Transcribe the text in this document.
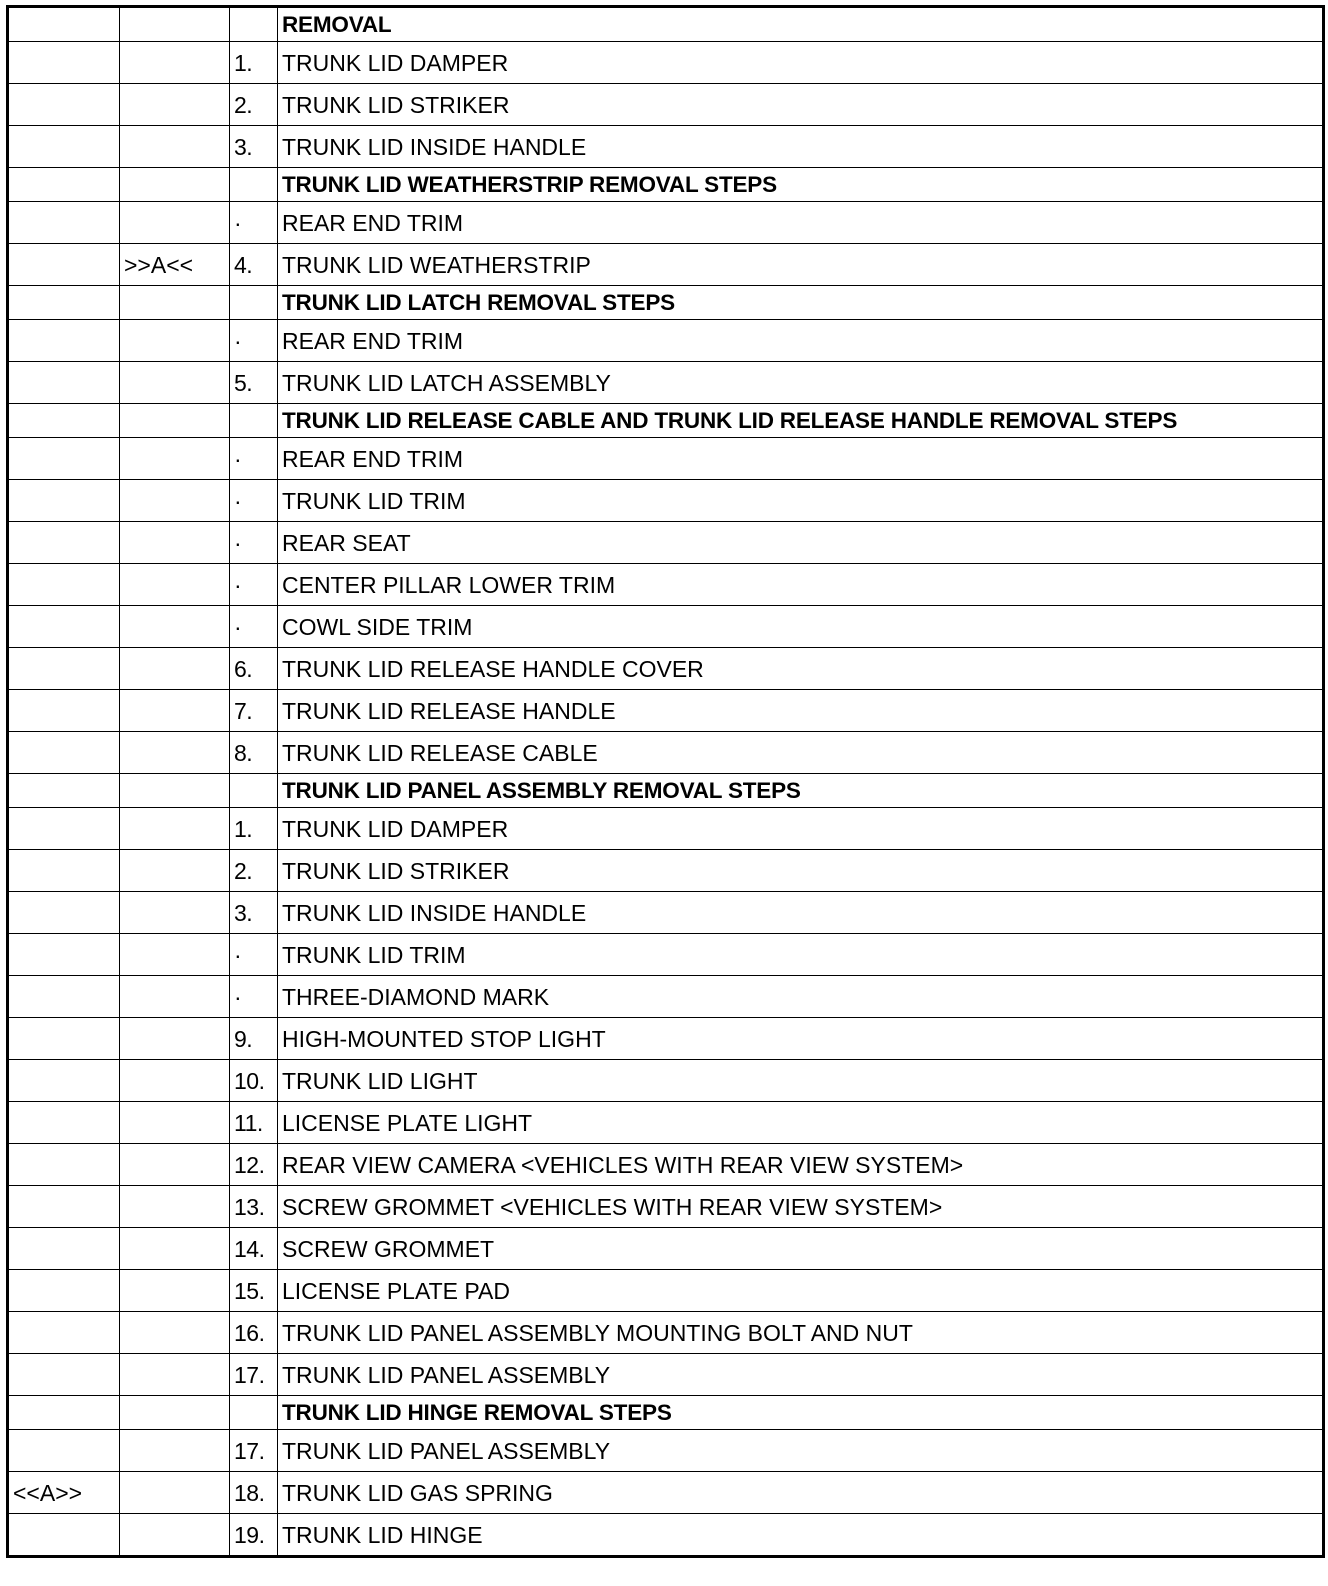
			REMOVAL
		1.	TRUNK LID DAMPER
		2.	TRUNK LID STRIKER
		3.	TRUNK LID INSIDE HANDLE
			TRUNK LID WEATHERSTRIP REMOVAL STEPS
		·	REAR END TRIM
	>>A<<	4.	TRUNK LID WEATHERSTRIP
			TRUNK LID LATCH REMOVAL STEPS
		·	REAR END TRIM
		5.	TRUNK LID LATCH ASSEMBLY
			TRUNK LID RELEASE CABLE AND TRUNK LID RELEASE HANDLE REMOVAL STEPS
		·	REAR END TRIM
		·	TRUNK LID TRIM
		·	REAR SEAT
		·	CENTER PILLAR LOWER TRIM
		·	COWL SIDE TRIM
		6.	TRUNK LID RELEASE HANDLE COVER
		7.	TRUNK LID RELEASE HANDLE
		8.	TRUNK LID RELEASE CABLE
			TRUNK LID PANEL ASSEMBLY REMOVAL STEPS
		1.	TRUNK LID DAMPER
		2.	TRUNK LID STRIKER
		3.	TRUNK LID INSIDE HANDLE
		·	TRUNK LID TRIM
		·	THREE-DIAMOND MARK
		9.	HIGH-MOUNTED STOP LIGHT
		10.	TRUNK LID LIGHT
		11.	LICENSE PLATE LIGHT
		12.	REAR VIEW CAMERA <VEHICLES WITH REAR VIEW SYSTEM>
		13.	SCREW GROMMET <VEHICLES WITH REAR VIEW SYSTEM>
		14.	SCREW GROMMET
		15.	LICENSE PLATE PAD
		16.	TRUNK LID PANEL ASSEMBLY MOUNTING BOLT AND NUT
		17.	TRUNK LID PANEL ASSEMBLY
			TRUNK LID HINGE REMOVAL STEPS
		17.	TRUNK LID PANEL ASSEMBLY
<<A>>		18.	TRUNK LID GAS SPRING
		19.	TRUNK LID HINGE
